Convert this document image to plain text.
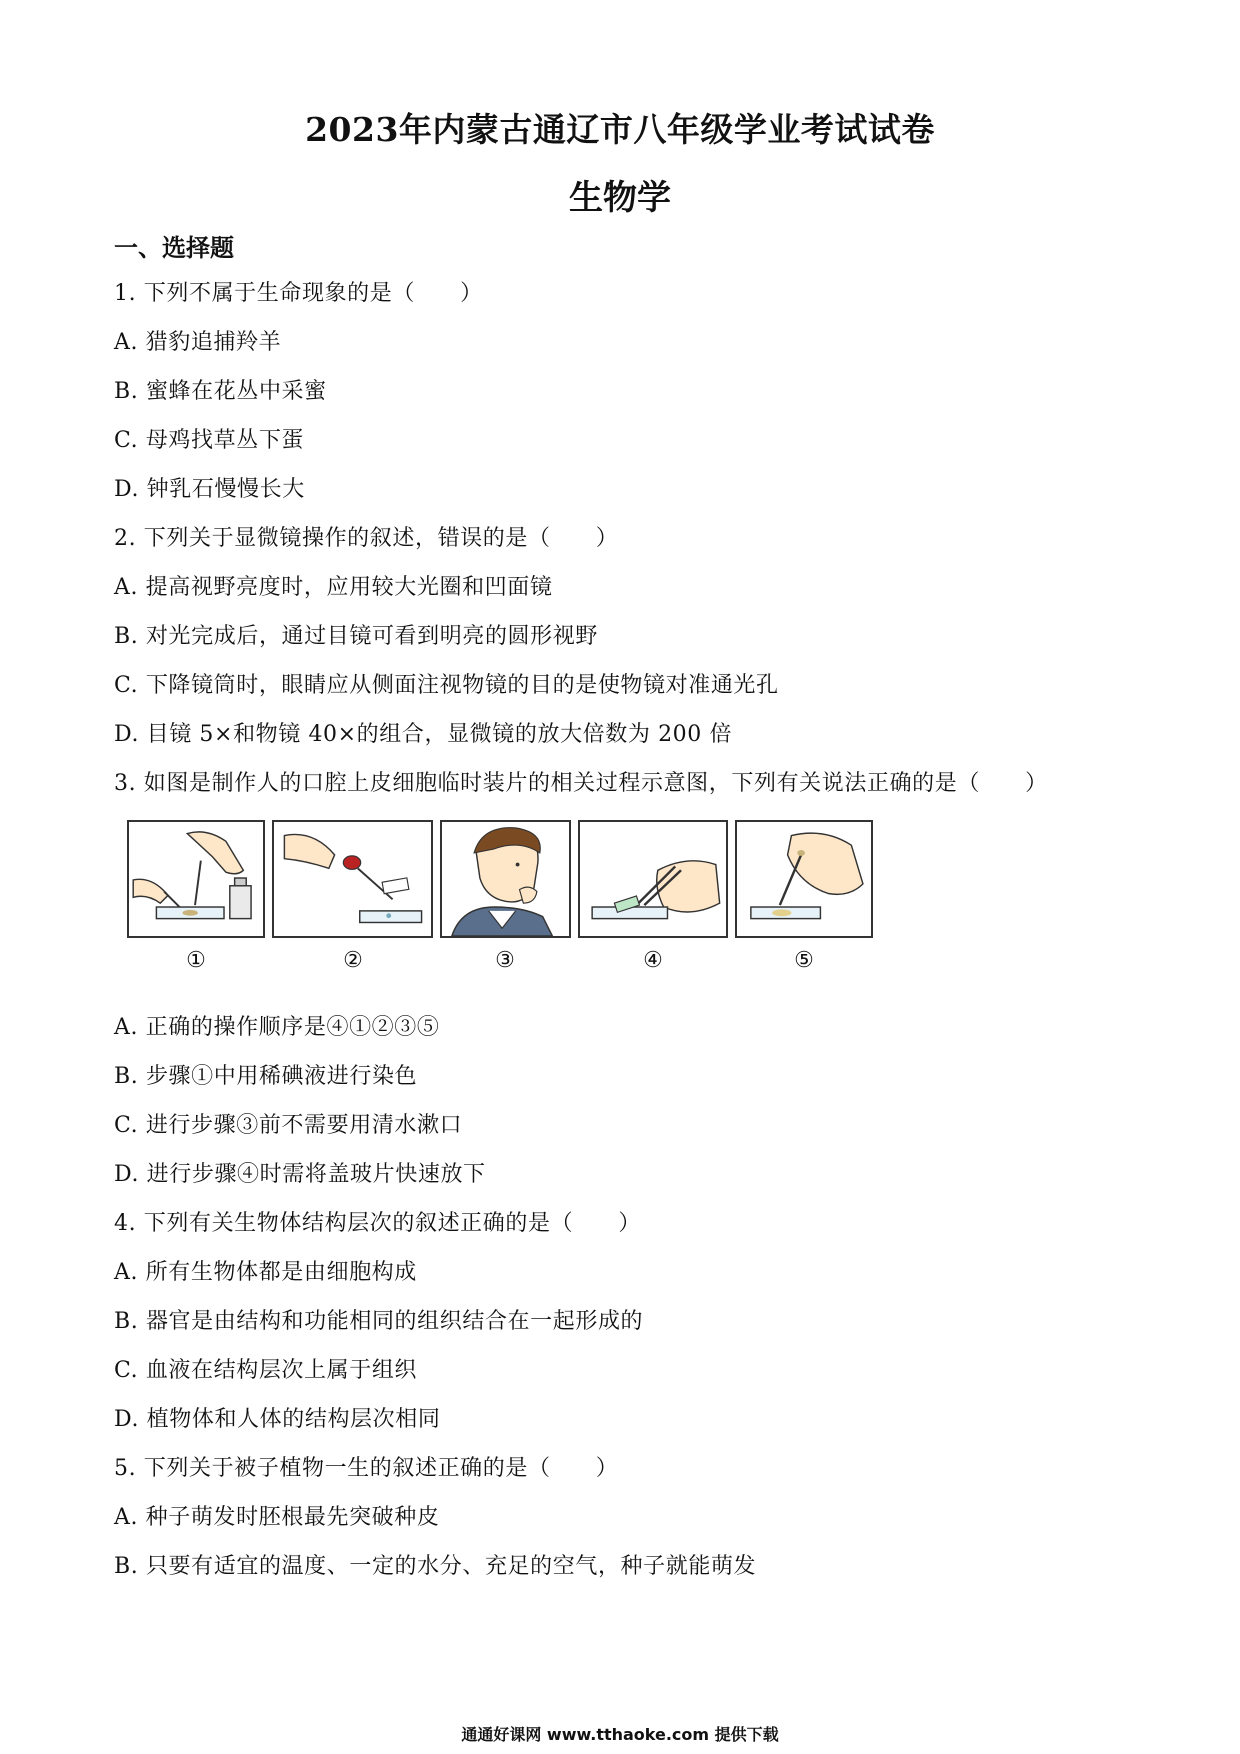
2023年内蒙古通辽市八年级学业考试试卷
生物学
一、选择题
1. 下列不属于生命现象的是（　　）
A. 猎豹追捕羚羊
B. 蜜蜂在花丛中采蜜
C. 母鸡找草丛下蛋
D. 钟乳石慢慢长大
2. 下列关于显微镜操作的叙述，错误的是（　　）
A. 提高视野亮度时，应用较大光圈和凹面镜
B. 对光完成后，通过目镜可看到明亮的圆形视野
C. 下降镜筒时，眼睛应从侧面注视物镜的目的是使物镜对准通光孔
D. 目镜 5×和物镜 40×的组合，显微镜的放大倍数为 200 倍
3. 如图是制作人的口腔上皮细胞临时装片的相关过程示意图，下列有关说法正确的是（　　）
①	②	③	④	⑤
A. 正确的操作顺序是④①②③⑤
B. 步骤①中用稀碘液进行染色
C. 进行步骤③前不需要用清水漱口
D. 进行步骤④时需将盖玻片快速放下
4. 下列有关生物体结构层次的叙述正确的是（　　）
A. 所有生物体都是由细胞构成
B. 器官是由结构和功能相同的组织结合在一起形成的
C. 血液在结构层次上属于组织
D. 植物体和人体的结构层次相同
5. 下列关于被子植物一生的叙述正确的是（　　）
A. 种子萌发时胚根最先突破种皮
B. 只要有适宜的温度、一定的水分、充足的空气，种子就能萌发
通通好课网 www.tthaoke.com 提供下载
